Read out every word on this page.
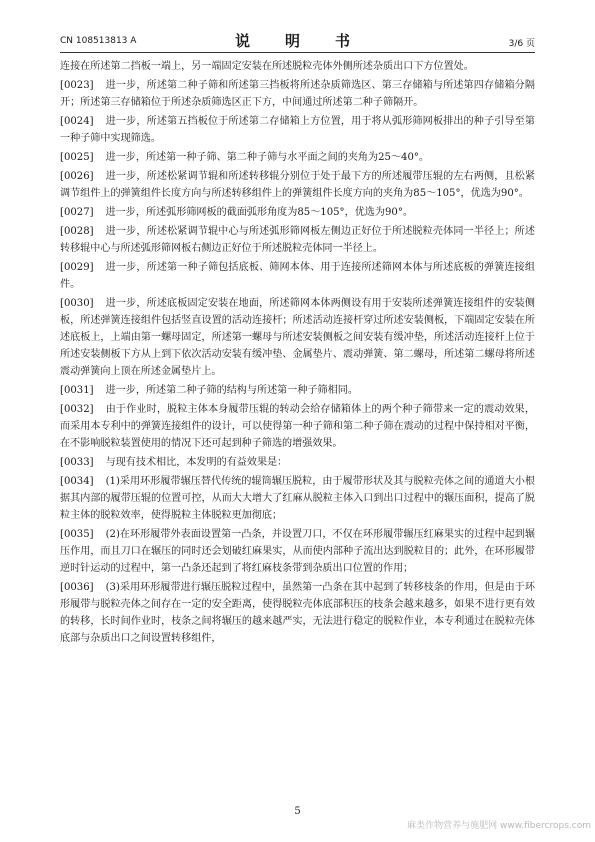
CN 108513813 A	说　明　书	3/6 页

连接在所述第二挡板一端上，另一端固定安装在所述脱粒壳体外侧所述杂质出口下方位置处。

[0023] 进一步，所述第二种子筛和所述第三挡板将所述杂质筛选区、第三存储箱与所述第四存储箱分隔开；所述第三存储箱位于所述杂质筛选区正下方，中间通过所述第二种子筛隔开。

[0024] 进一步，所述第五挡板位于所述第二存储箱上方位置，用于将从弧形筛网板排出的种子引导至第一种子筛中实现筛选。

[0025] 进一步，所述第一种子筛、第二种子筛与水平面之间的夹角为25～40°。

[0026] 进一步，所述松紧调节辊和所述转移辊分别位于处于最下方的所述履带压辊的左右两侧，且松紧调节组件上的弹簧组件长度方向与所述转移组件上的弹簧组件长度方向的夹角为85～105°，优选为90°。

[0027] 进一步，所述弧形筛网板的截面弧形角度为85～105°，优选为90°。

[0028] 进一步，所述松紧调节辊中心与所述弧形筛网板左侧边正好位于所述脱粒壳体同一半径上；所述转移辊中心与所述弧形筛网板右侧边正好位于所述脱粒壳体同一半径上。

[0029] 进一步，所述第一种子筛包括底板、筛网本体、用于连接所述筛网本体与所述底板的弹簧连接组件。

[0030] 进一步，所述底板固定安装在地面，所述筛网本体两侧设有用于安装所述弹簧连接组件的安装侧板，所述弹簧连接组件包括竖直设置的活动连接杆；所述活动连接杆穿过所述安装侧板，下端固定安装在所述底板上，上端由第一螺母固定，所述第一螺母与所述安装侧板之间安装有缓冲垫，所述活动连接杆上位于所述安装侧板下方从上到下依次活动安装有缓冲垫、金属垫片、震动弹簧、第二螺母，所述第二螺母将所述震动弹簧向上顶在所述金属垫片上。

[0031] 进一步，所述第二种子筛的结构与所述第一种子筛相同。

[0032] 由于作业时，脱粒主体本身履带压辊的转动会给存储箱体上的两个种子筛带来一定的震动效果，而采用本专利中的弹簧连接组件的设计，可以使得第一种子筛和第二种子筛在震动的过程中保持相对平衡，在不影响脱粒装置使用的情况下还可起到种子筛选的增强效果。

[0033] 与现有技术相比，本发明的有益效果是：

[0034] (1)采用环形履带辗压替代传统的辊筒辗压脱粒，由于履带形状及其与脱粒壳体之间的通道大小根据其内部的履带压辊的位置可控，从而大大增大了红麻从脱粒主体入口到出口过程中的辗压面积，提高了脱粒主体的脱粒效率，使得脱粒主体脱粒更加彻底；

[0035] (2)在环形履带外表面设置第一凸条，并设置刀口，不仅在环形履带辗压红麻果实的过程中起到辗压作用，而且刀口在辗压的同时还会划破红麻果实，从而使内部种子流出达到脱粒目的；此外，在环形履带逆时针运动的过程中，第一凸条还起到了将红麻枝条带到杂质出口位置的作用；

[0036] (3)采用环形履带进行辗压脱粒过程中，虽然第一凸条在其中起到了转移枝条的作用，但是由于环形履带与脱粒壳体之间存在一定的安全距离，使得脱粒壳体底部积压的枝条会越来越多，如果不进行更有效的转移，长时间作业时，枝条之间将辗压的越来越严实，无法进行稳定的脱粒作业，本专利通过在脱粒壳体底部与杂质出口之间设置转移组件，

5
麻类作物营养与施肥网 www.fibercrops.com
